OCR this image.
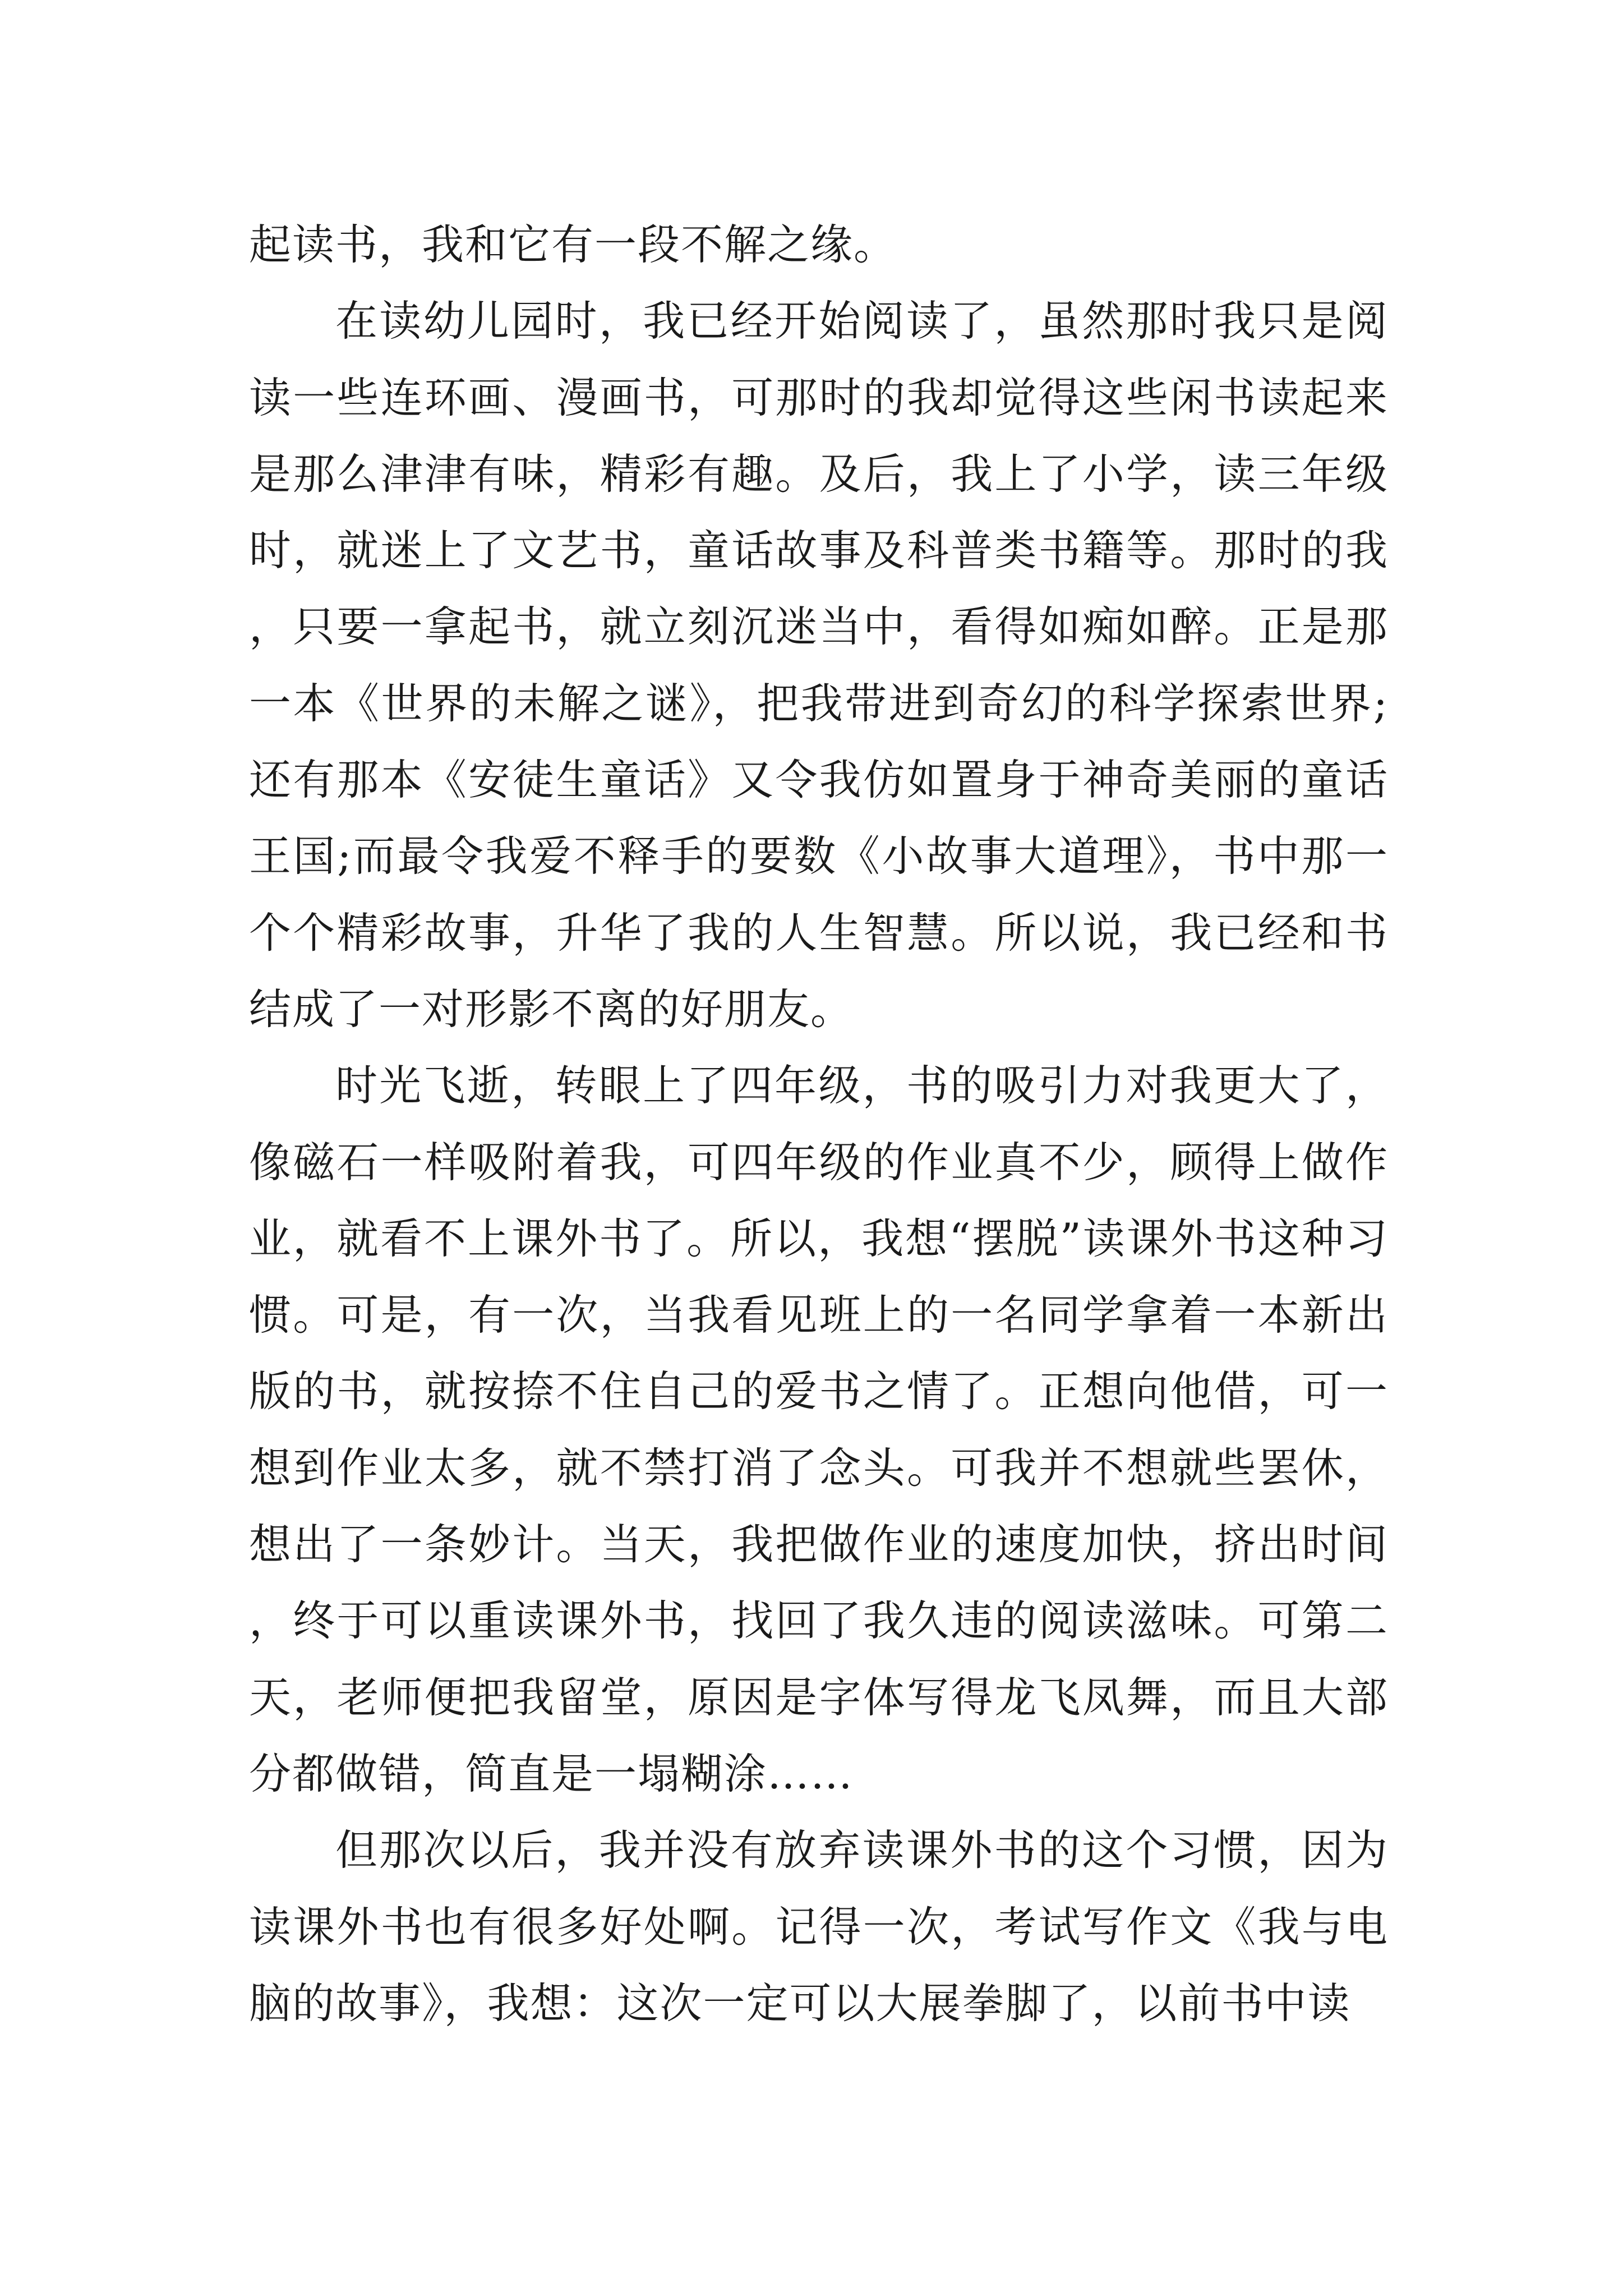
起读书，我和它有一段不解之缘。

在读幼儿园时，我已经开始阅读了，虽然那时我只是阅读一些连环画、漫画书，可那时的我却觉得这些闲书读起来是那么津津有味，精彩有趣。及后，我上了小学，读三年级时，就迷上了文艺书，童话故事及科普类书籍等。那时的我，只要一拿起书，就立刻沉迷当中，看得如痴如醉。正是那一本《世界的未解之谜》，把我带进到奇幻的科学探索世界;还有那本《安徒生童话》又令我仿如置身于神奇美丽的童话王国;而最令我爱不释手的要数《小故事大道理》，书中那一个个精彩故事，升华了我的人生智慧。所以说，我已经和书结成了一对形影不离的好朋友。

时光飞逝，转眼上了四年级，书的吸引力对我更大了，像磁石一样吸附着我，可四年级的作业真不少，顾得上做作业，就看不上课外书了。所以，我想“摆脱”读课外书这种习惯。可是，有一次，当我看见班上的一名同学拿着一本新出版的书，就按捺不住自己的爱书之情了。正想向他借，可一想到作业太多，就不禁打消了念头。可我并不想就些罢休，想出了一条妙计。当天，我把做作业的速度加快，挤出时间，终于可以重读课外书，找回了我久违的阅读滋味。可第二天，老师便把我留堂，原因是字体写得龙飞凤舞，而且大部分都做错，简直是一塌糊涂……

但那次以后，我并没有放弃读课外书的这个习惯，因为读课外书也有很多好处啊。记得一次，考试写作文《我与电脑的故事》，我想：这次一定可以大展拳脚了，以前书中读
